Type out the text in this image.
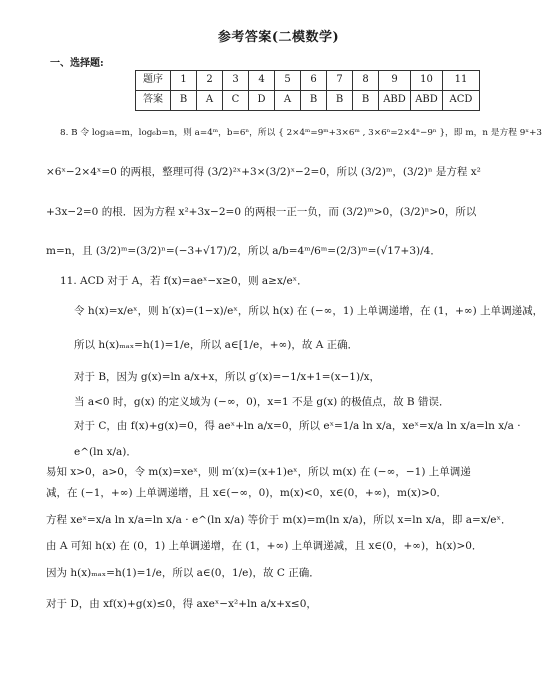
参考答案(二模数学)
一、选择题:
题序	1	2	3	4	5	6	7	8	9	10	11
答案	B	A	C	D	A	B	B	B	ABD	ABD	ACD
8. B 令 log₃a=m，log₆b=n，则 a=4ᵐ，b=6ⁿ，所以 { 2×4ᵐ=9ᵐ+3×6ᵐ , 3×6ⁿ=2×4ⁿ−9ⁿ }，即 m，n 是方程 9ˣ+3
×6ˣ−2×4ˣ=0 的两根，整理可得 (3/2)²ˣ+3×(3/2)ˣ−2=0，所以 (3/2)ᵐ，(3/2)ⁿ 是方程 x²
+3x−2=0 的根．因为方程 x²+3x−2=0 的两根一正一负，而 (3/2)ᵐ>0，(3/2)ⁿ>0，所以
m=n，且 (3/2)ᵐ=(3/2)ⁿ=(−3+√17)/2，所以 a/b=4ᵐ/6ᵐ=(2/3)ᵐ=(√17+3)/4．
11. ACD 对于 A，若 f(x)=aeˣ−x≥0，则 a≥x/eˣ．
令 h(x)=x/eˣ，则 h′(x)=(1−x)/eˣ，所以 h(x) 在 (−∞，1) 上单调递增，在 (1，+∞) 上单调递减，
所以 h(x)ₘₐₓ=h(1)=1/e，所以 a∈[1/e，+∞)，故 A 正确．
对于 B，因为 g(x)=ln a/x+x，所以 g′(x)=−1/x+1=(x−1)/x，
当 a<0 时，g(x) 的定义域为 (−∞，0)，x=1 不是 g(x) 的极值点，故 B 错误．
对于 C，由 f(x)+g(x)=0，得 aeˣ+ln a/x=0，所以 eˣ=1/a ln x/a，xeˣ=x/a ln x/a=ln x/a ·
e^(ln x/a)．
易知 x>0，a>0，令 m(x)=xeˣ，则 m′(x)=(x+1)eˣ，所以 m(x) 在 (−∞，−1) 上单调递
减，在 (−1，+∞) 上单调递增，且 x∈(−∞，0)，m(x)<0，x∈(0，+∞)，m(x)>0．
方程 xeˣ=x/a ln x/a=ln x/a · e^(ln x/a) 等价于 m(x)=m(ln x/a)，所以 x=ln x/a，即 a=x/eˣ．
由 A 可知 h(x) 在 (0，1) 上单调递增，在 (1，+∞) 上单调递减，且 x∈(0，+∞)，h(x)>0．
因为 h(x)ₘₐₓ=h(1)=1/e，所以 a∈(0，1/e)，故 C 正确．
对于 D，由 xf(x)+g(x)≤0，得 axeˣ−x²+ln a/x+x≤0，
